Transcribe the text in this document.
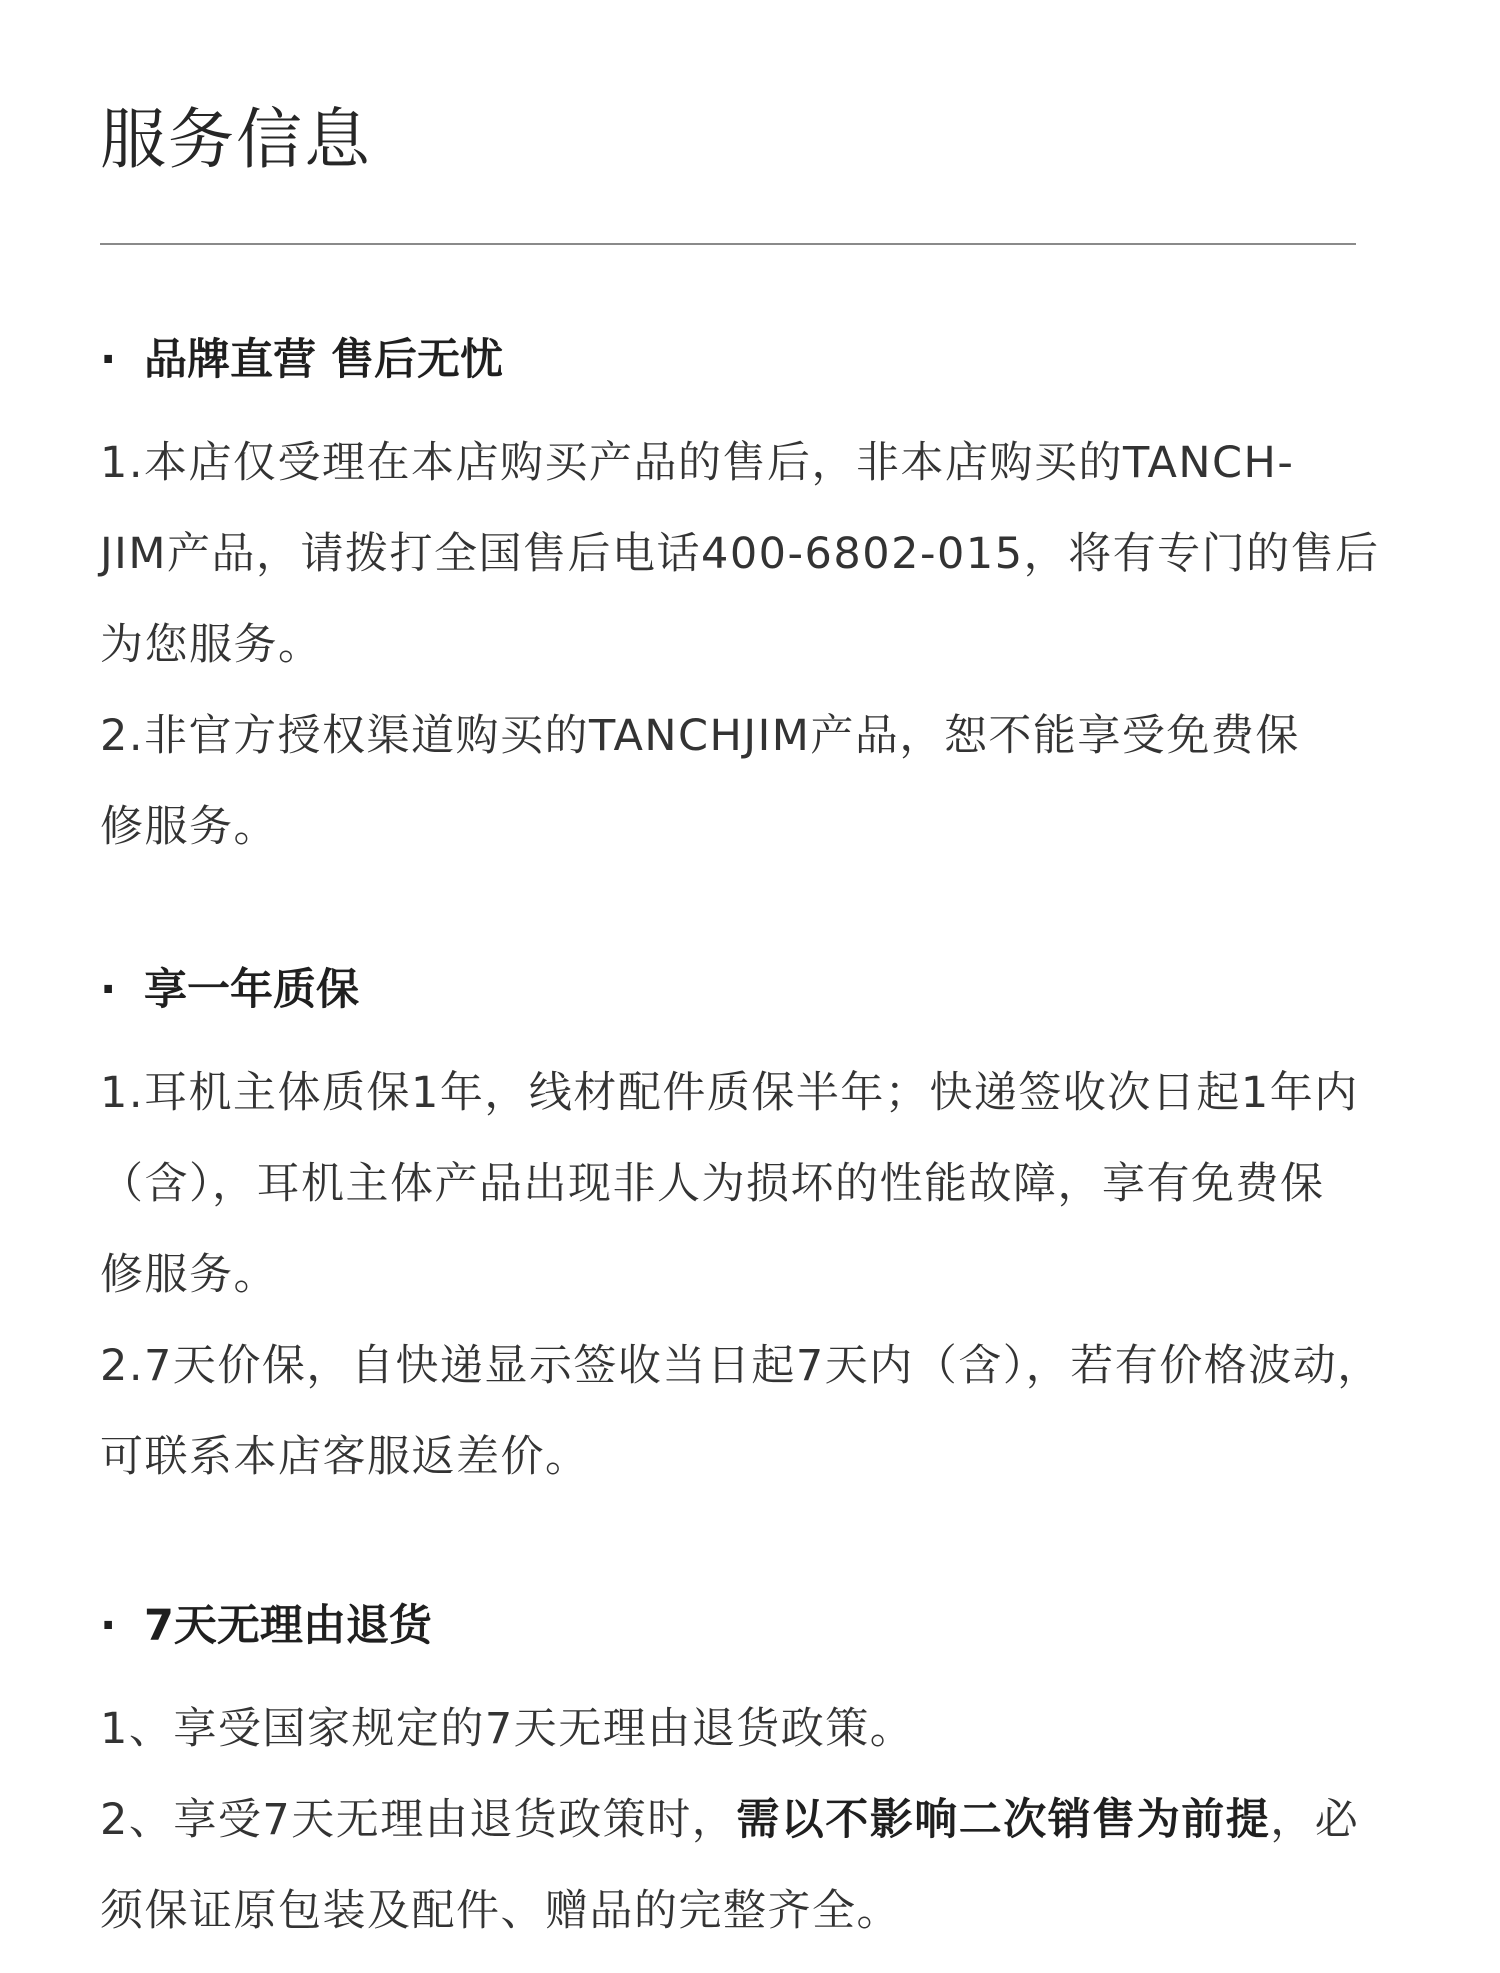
服务信息
· 品牌直营 售后无忧
1.本店仅受理在本店购买产品的售后，非本店购买的TANCH-
JIM产品，请拨打全国售后电话400-6802-015，将有专门的售后
为您服务。
2.非官方授权渠道购买的TANCHJIM产品，恕不能享受免费保
修服务。
· 享一年质保
1.耳机主体质保1年，线材配件质保半年；快递签收次日起1年内
（含），耳机主体产品出现非人为损坏的性能故障，享有免费保
修服务。
2.7天价保，自快递显示签收当日起7天内（含），若有价格波动，
可联系本店客服返差价。
· 7天无理由退货
1、享受国家规定的7天无理由退货政策。
2、享受7天无理由退货政策时，需以不影响二次销售为前提，必
须保证原包装及配件、赠品的完整齐全。
